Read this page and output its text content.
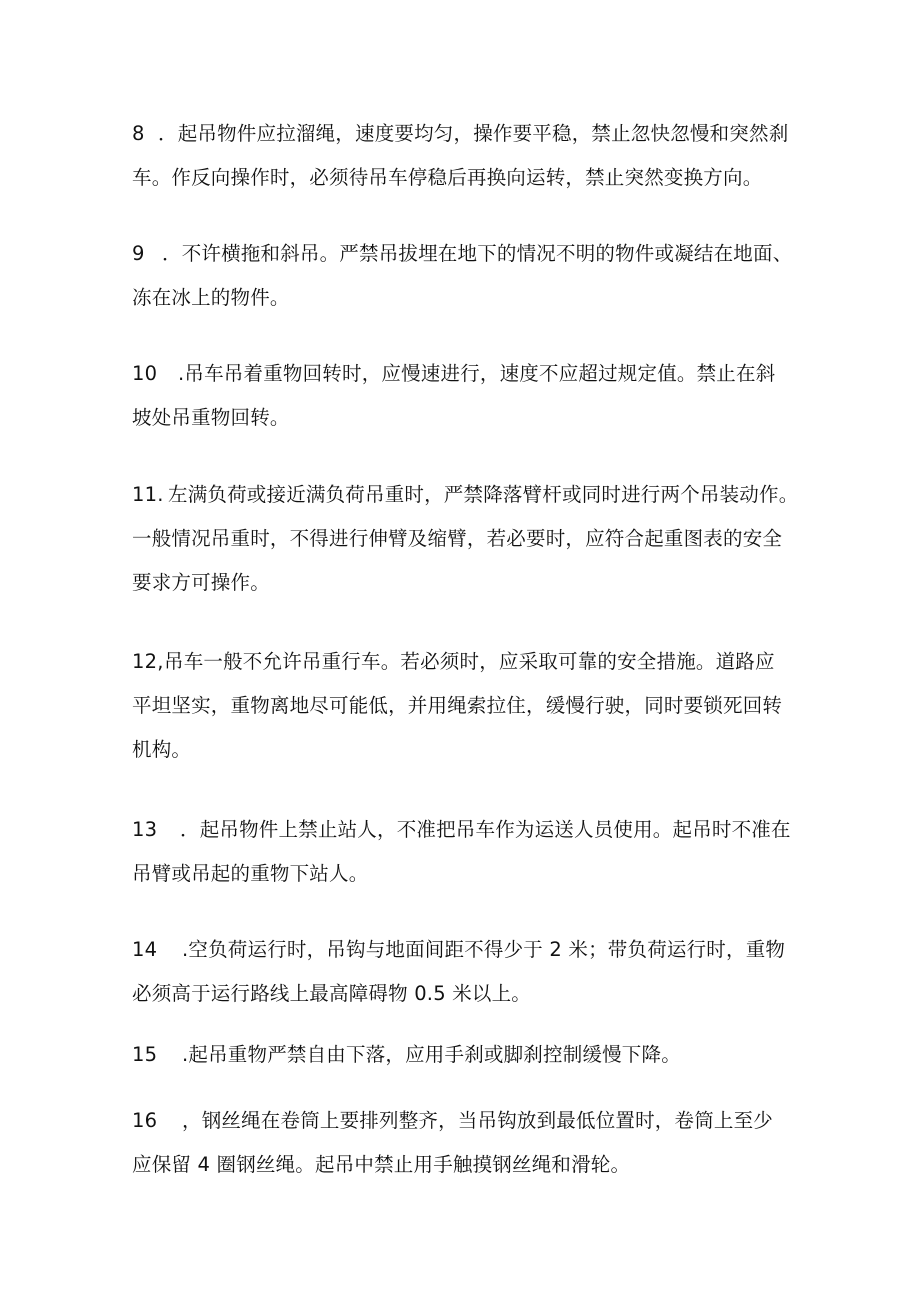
8 ．起吊物件应拉溜绳，速度要均匀，操作要平稳，禁止忽快忽慢和突然刹
车。作反向操作时，必须待吊车停稳后再换向运转，禁止突然变换方向。
9 ．不许横拖和斜吊。严禁吊拔埋在地下的情况不明的物件或凝结在地面、
冻在冰上的物件。
10 .吊车吊着重物回转时，应慢速进行，速度不应超过规定值。禁止在斜
坡处吊重物回转。
11. 左满负荷或接近满负荷吊重时，严禁降落臂杆或同时进行两个吊装动作。
一般情况吊重时，不得进行伸臂及缩臂，若必要时，应符合起重图表的安全
要求方可操作。
12,吊车一般不允许吊重行车。若必须时，应采取可靠的安全措施。道路应
平坦坚实，重物离地尽可能低，并用绳索拉住，缓慢行驶，同时要锁死回转
机构。
13 ．起吊物件上禁止站人，不准把吊车作为运送人员使用。起吊时不准在
吊臂或吊起的重物下站人。
14 .空负荷运行时，吊钩与地面间距不得少于 2 米；带负荷运行时，重物
必须高于运行路线上最高障碍物 0.5 米以上。
15 .起吊重物严禁自由下落，应用手刹或脚刹控制缓慢下降。
16 ，钢丝绳在卷筒上要排列整齐，当吊钩放到最低位置时，卷筒上至少
应保留 4 圈钢丝绳。起吊中禁止用手触摸钢丝绳和滑轮。
